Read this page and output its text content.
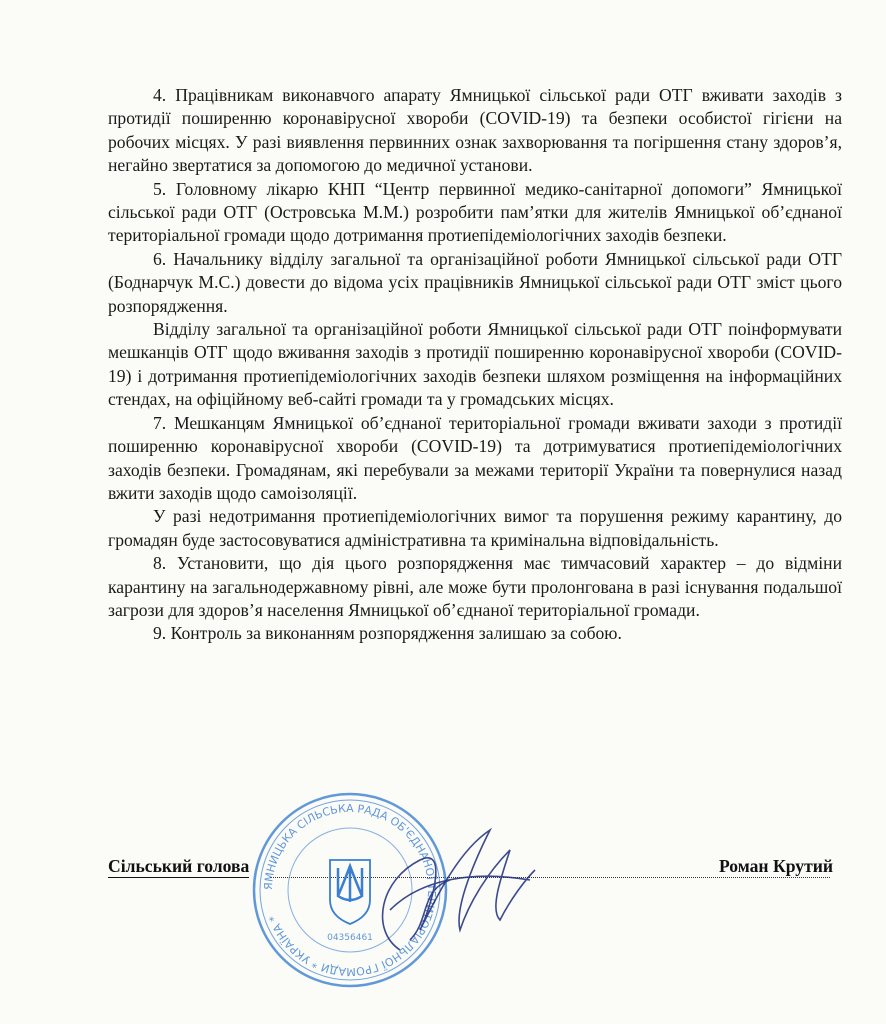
4. Працівникам виконавчого апарату Ямницької сільської ради ОТГ вживати заходів з протидії поширенню коронавірусної хвороби (COVID-19) та безпеки особистої гігієни на робочих місцях. У разі виявлення первинних ознак захворювання та погіршення стану здоров’я, негайно звертатися за допомогою до медичної установи.

5. Головному лікарю КНП “Центр первинної медико-санітарної допомоги” Ямницької сільської ради ОТГ (Островська М.М.) розробити пам’ятки для жителів Ямницької об’єднаної територіальної громади щодо дотримання протиепідеміологічних заходів безпеки.

6. Начальнику відділу загальної та організаційної роботи Ямницької сільської ради ОТГ (Боднарчук М.С.) довести до відома усіх працівників Ямницької сільської ради ОТГ зміст цього розпорядження.

Відділу загальної та організаційної роботи Ямницької сільської ради ОТГ поінформувати мешканців ОТГ щодо вживання заходів з протидії поширенню коронавірусної хвороби (COVID-19) і дотримання протиепідеміологічних заходів безпеки шляхом розміщення на інформаційних стендах, на офіційному веб-сайті громади та у громадських місцях.

7. Мешканцям Ямницької об’єднаної територіальної громади вживати заходи з протидії поширенню коронавірусної хвороби (COVID-19) та дотримуватися протиепідеміологічних заходів безпеки. Громадянам, які перебували за межами території України та повернулися назад вжити заходів щодо самоізоляції.

У разі недотримання протиепідеміологічних вимог та порушення режиму карантину, до громадян буде застосовуватися адміністративна та кримінальна відповідальність.

8. Установити, що дія цього розпорядження має тимчасовий характер – до відміни карантину на загальнодержавному рівні, але може бути пролонгована в разі існування подальшої загрози для здоров’я населення Ямницької об’єднаної територіальної громади.

9. Контроль за виконанням розпорядження залишаю за собою.

Сільський голова	Роман Крутий
ЯМНИЦЬКА СІЛЬСЬКА РАДА ОБ'ЄДНАНОЇ ТЕРИТОРІАЛЬНОЇ ГРОМАДИ * УКРАЇНА *
04356461
